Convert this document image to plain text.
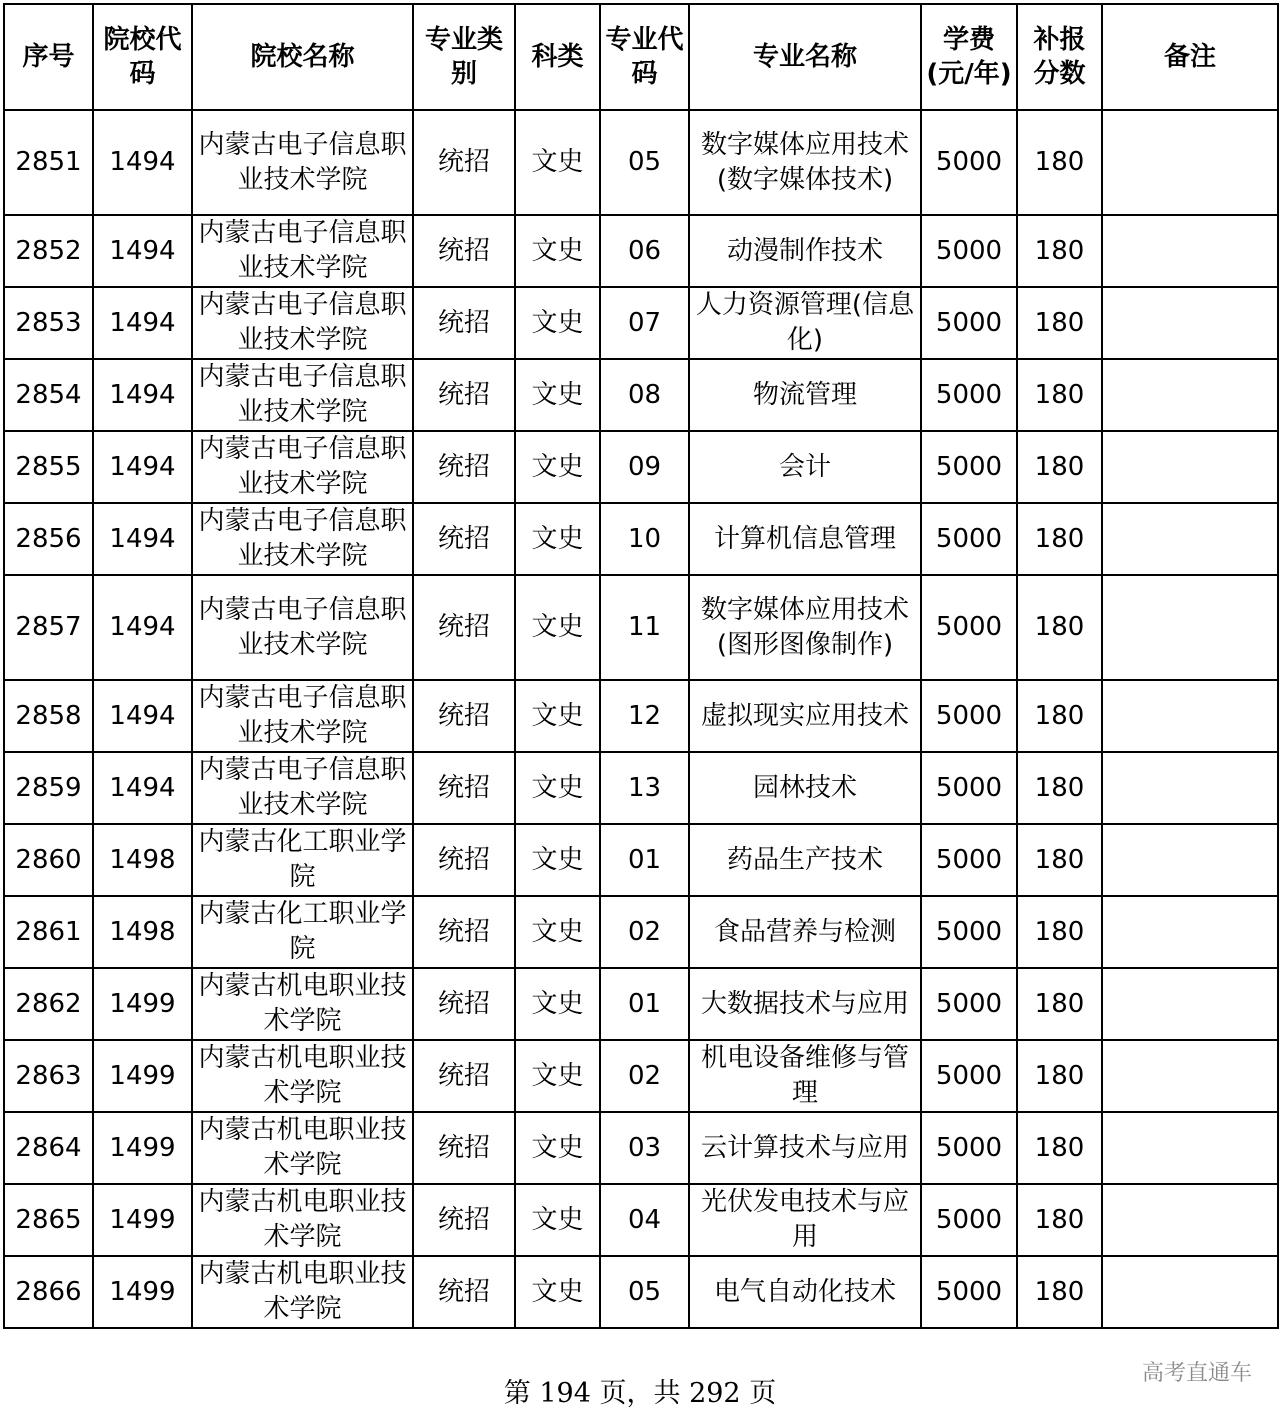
序号	院校代码	院校名称	专业类别	科类	专业代码	专业名称	学费(元/年)	补报分数	备注
2851	1494	内蒙古电子信息职业技术学院	统招	文史	05	数字媒体应用技术(数字媒体技术)	5000	180	
2852	1494	内蒙古电子信息职业技术学院	统招	文史	06	动漫制作技术	5000	180	
2853	1494	内蒙古电子信息职业技术学院	统招	文史	07	人力资源管理(信息化)	5000	180	
2854	1494	内蒙古电子信息职业技术学院	统招	文史	08	物流管理	5000	180	
2855	1494	内蒙古电子信息职业技术学院	统招	文史	09	会计	5000	180	
2856	1494	内蒙古电子信息职业技术学院	统招	文史	10	计算机信息管理	5000	180	
2857	1494	内蒙古电子信息职业技术学院	统招	文史	11	数字媒体应用技术(图形图像制作)	5000	180	
2858	1494	内蒙古电子信息职业技术学院	统招	文史	12	虚拟现实应用技术	5000	180	
2859	1494	内蒙古电子信息职业技术学院	统招	文史	13	园林技术	5000	180	
2860	1498	内蒙古化工职业学院	统招	文史	01	药品生产技术	5000	180	
2861	1498	内蒙古化工职业学院	统招	文史	02	食品营养与检测	5000	180	
2862	1499	内蒙古机电职业技术学院	统招	文史	01	大数据技术与应用	5000	180	
2863	1499	内蒙古机电职业技术学院	统招	文史	02	机电设备维修与管理	5000	180	
2864	1499	内蒙古机电职业技术学院	统招	文史	03	云计算技术与应用	5000	180	
2865	1499	内蒙古机电职业技术学院	统招	文史	04	光伏发电技术与应用	5000	180	
2866	1499	内蒙古机电职业技术学院	统招	文史	05	电气自动化技术	5000	180	
第 194 页，共 292 页
高考直通车
